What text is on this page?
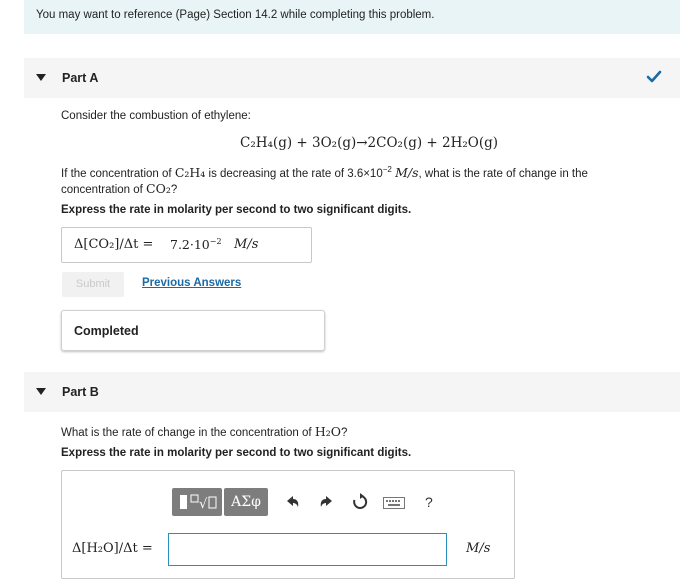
You may want to reference (Page) Section 14.2 while completing this problem.
Part A
Consider the combustion of ethylene:
C₂H₄(g) + 3O₂(g)→2CO₂(g) + 2H₂O(g)
If the concentration of C₂H₄ is decreasing at the rate of $3.6\times 10^{-2}$ M/s, what is the rate of change in the
concentration of CO₂?
Express the rate in molarity per second to two significant digits.
$\Delta[CO_2]/\Delta t = 7.2\cdot 10^{-2}$ M/s
Submit	Previous Answers
Completed
Part B
What is the rate of change in the concentration of H₂O?
Express the rate in molarity per second to two significant digits.
√	ΑΣφ	?
Δ[H₂O]/Δt =	M/s
